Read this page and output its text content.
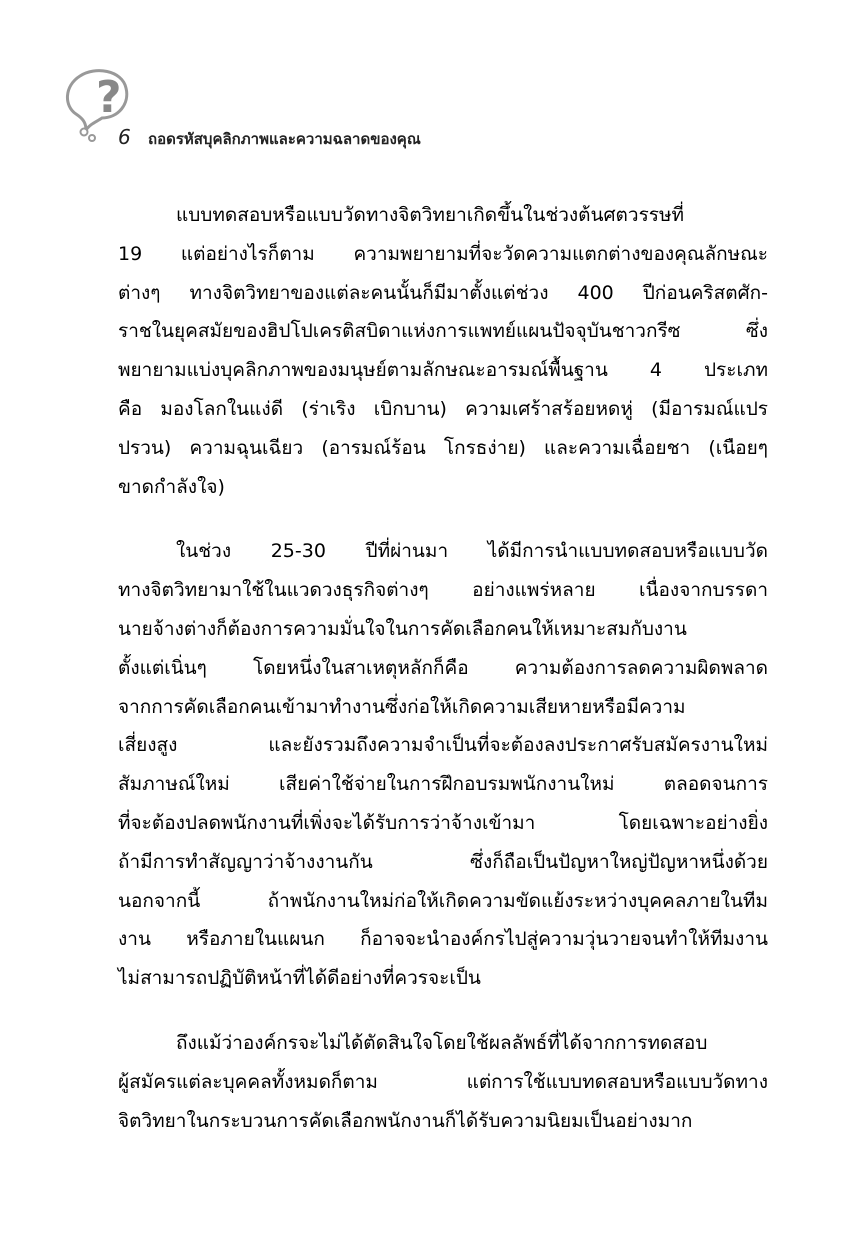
?
6 ถอดรหัสบุคลิกภาพและความฉลาดของคุณ
แบบทดสอบหรือแบบวัดทางจิตวิทยาเกิดขึ้นในช่วงต้นศตวรรษที่
19 แต่อย่างไรก็ตาม ความพยายามที่จะวัดความแตกต่างของคุณลักษณะ
ต่างๆ ทางจิตวิทยาของแต่ละคนนั้นก็มีมาตั้งแต่ช่วง 400 ปีก่อนคริสตศัก-
ราชในยุคสมัยของฮิปโปเครติสบิดาแห่งการแพทย์แผนปัจจุบันชาวกรีซ ซึ่ง
พยายามแบ่งบุคลิกภาพของมนุษย์ตามลักษณะอารมณ์พื้นฐาน 4 ประเภท
คือ มองโลกในแง่ดี (ร่าเริง เบิกบาน) ความเศร้าสร้อยหดหู่ (มีอารมณ์แปร
ปรวน) ความฉุนเฉียว (อารมณ์ร้อน โกรธง่าย) และความเฉื่อยชา (เนือยๆ
ขาดกำลังใจ)
ในช่วง 25-30 ปีที่ผ่านมา ได้มีการนำแบบทดสอบหรือแบบวัด
ทางจิตวิทยามาใช้ในแวดวงธุรกิจต่างๆ อย่างแพร่หลาย เนื่องจากบรรดา
นายจ้างต่างก็ต้องการความมั่นใจในการคัดเลือกคนให้เหมาะสมกับงาน
ตั้งแต่เนิ่นๆ โดยหนึ่งในสาเหตุหลักก็คือ ความต้องการลดความผิดพลาด
จากการคัดเลือกคนเข้ามาทำงานซึ่งก่อให้เกิดความเสียหายหรือมีความ
เสี่ยงสูง และยังรวมถึงความจำเป็นที่จะต้องลงประกาศรับสมัครงานใหม่
สัมภาษณ์ใหม่ เสียค่าใช้จ่ายในการฝึกอบรมพนักงานใหม่ ตลอดจนการ
ที่จะต้องปลดพนักงานที่เพิ่งจะได้รับการว่าจ้างเข้ามา โดยเฉพาะอย่างยิ่ง
ถ้ามีการทำสัญญาว่าจ้างงานกัน ซึ่งก็ถือเป็นปัญหาใหญ่ปัญหาหนึ่งด้วย
นอกจากนี้ ถ้าพนักงานใหม่ก่อให้เกิดความขัดแย้งระหว่างบุคคลภายในทีม
งาน หรือภายในแผนก ก็อาจจะนำองค์กรไปสู่ความวุ่นวายจนทำให้ทีมงาน
ไม่สามารถปฏิบัติหน้าที่ได้ดีอย่างที่ควรจะเป็น
ถึงแม้ว่าองค์กรจะไม่ได้ตัดสินใจโดยใช้ผลลัพธ์ที่ได้จากการทดสอบ
ผู้สมัครแต่ละบุคคลทั้งหมดก็ตาม แต่การใช้แบบทดสอบหรือแบบวัดทาง
จิตวิทยาในกระบวนการคัดเลือกพนักงานก็ได้รับความนิยมเป็นอย่างมาก
